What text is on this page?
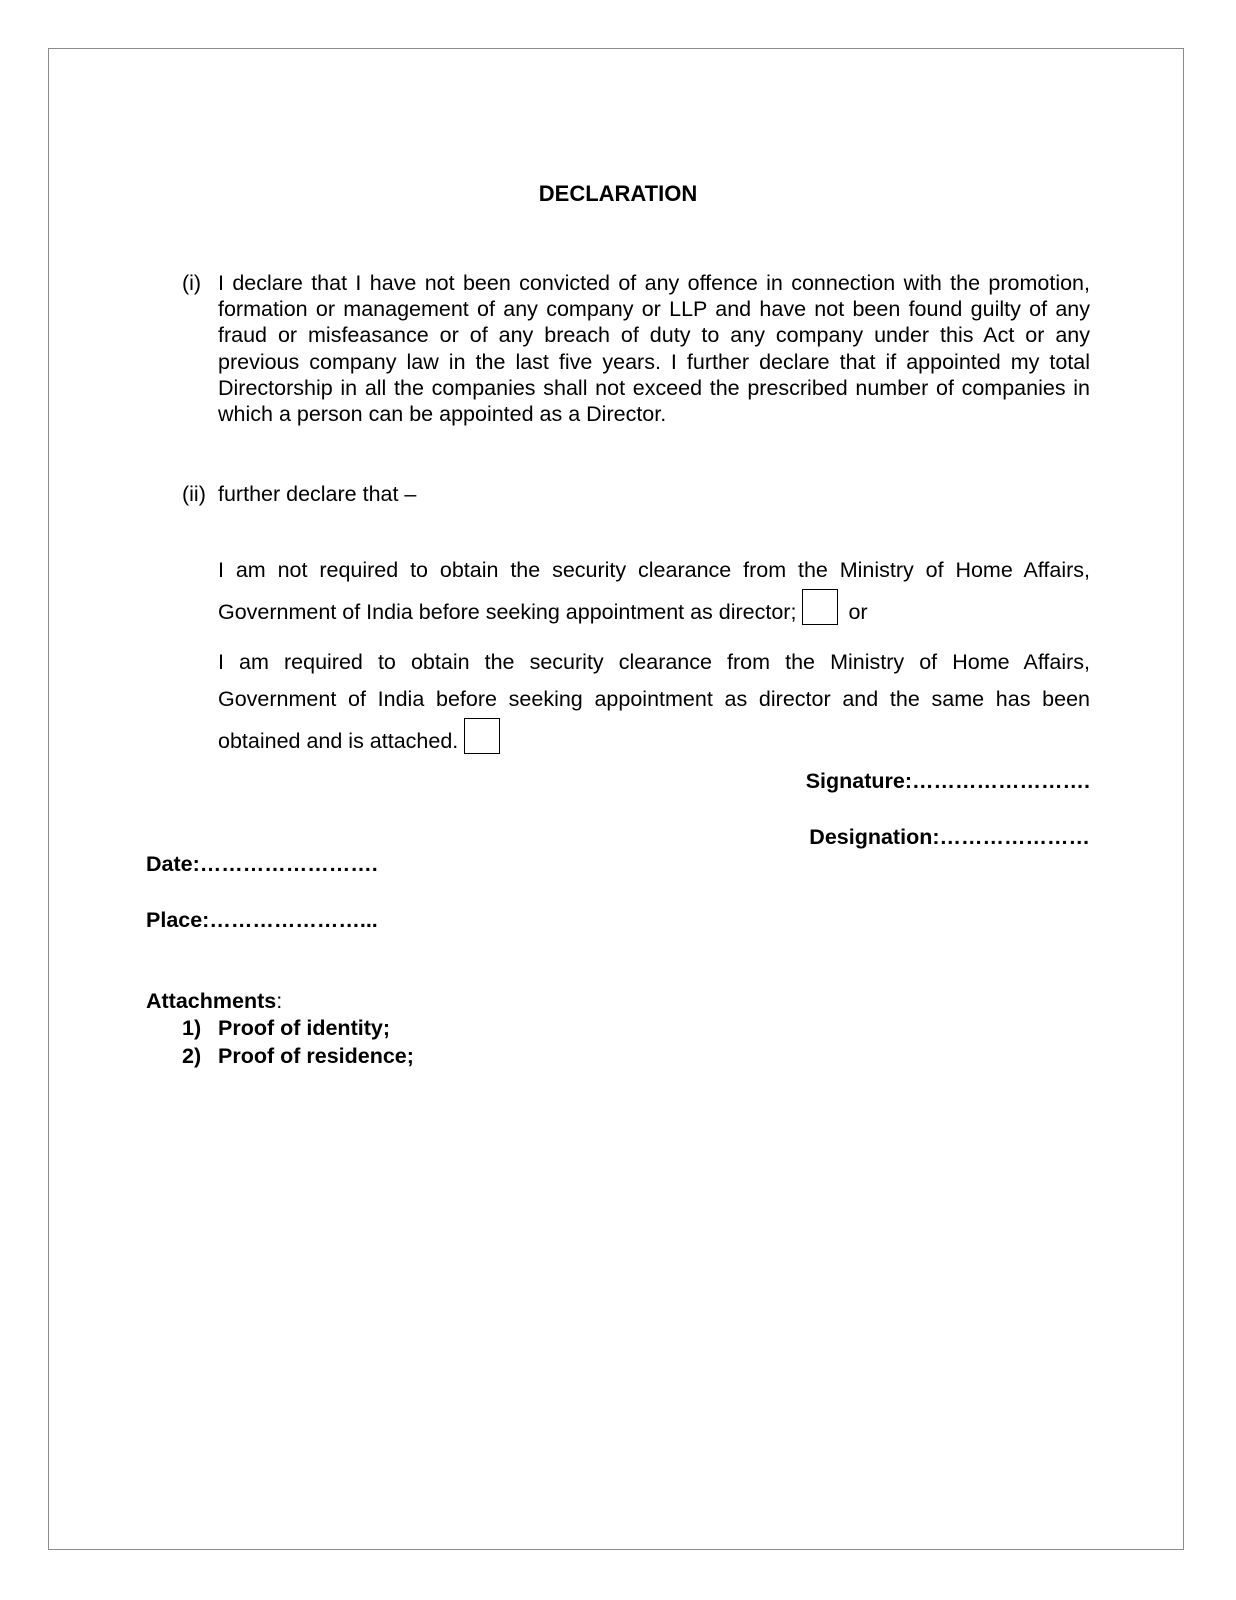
DECLARATION
(i) I declare that I have not been convicted of any offence in connection with the promotion, formation or management of any company or LLP and have not been found guilty of any fraud or misfeasance or of any breach of duty to any company under this Act or any previous company law in the last five years. I further declare that if appointed my total Directorship in all the companies shall not exceed the prescribed number of companies in which a person can be appointed as a Director.

(ii) further declare that –

I am not required to obtain the security clearance from the Ministry of Home Affairs, Government of India before seeking appointment as director; or

I am required to obtain the security clearance from the Ministry of Home Affairs, Government of India before seeking appointment as director and the same has been obtained and is attached.

Signature:…………………….
Designation:…………………
Date:…………………….
Place:…………………...
Attachments:
1) Proof of identity;
2) Proof of residence;
